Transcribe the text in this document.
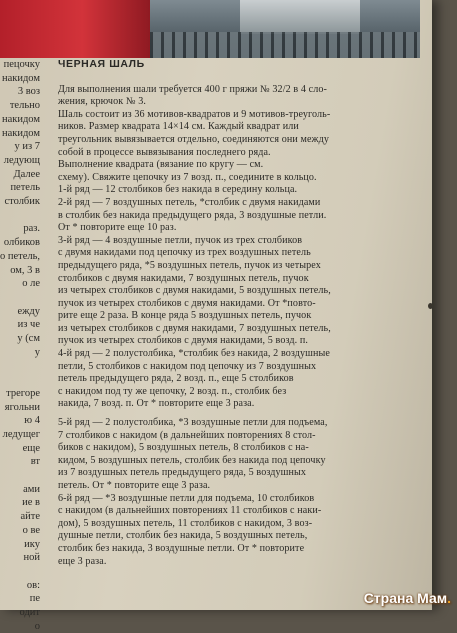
пецочку
накидом
3 воз
тельно
накидом
накидом
у из 7
ледующ
Далее
петель
столбик
раз.
олбиков
о петель,
ом, 3 в
о ле
ежду
из че
у (см
у
трегоре
ягольни
ю 4
ледущег
еще
вт
ами
ие в
айте
о ве
ику
ной
ов:
пе
одит
о
ЧЕРНАЯ ШАЛЬ
Для выполнения шали требуется 400 г пряжи № 32/2 в 4 сло-
жения, крючок № 3.
Шаль состоит из 36 мотивов-квадратов и 9 мотивов-треуголь-
ников. Размер квадрата 14×14 см. Каждый квадрат или
треугольник вывязывается отдельно, соединяются они между
собой в процессе вывязывания последнего ряда.
Выполнение квадрата (вязание по кругу — см.
схему). Свяжите цепочку из 7 возд. п., соедините в кольцо.
1-й ряд — 12 столбиков без накида в середину кольца.
2-й ряд — 7 воздушных петель, *столбик с двумя накидами
в столбик без накида предыдущего ряда, 3 воздушные петли.
От * повторите еще 10 раз.
3-й ряд — 4 воздушные петли, пучок из трех столбиков
с двумя накидами под цепочку из трех воздушных петель
предыдущего ряда, *5 воздушных петель, пучок из четырех
столбиков с двумя накидами, 7 воздушных петель, пучок
из четырех столбиков с двумя накидами, 5 воздушных петель,
пучок из четырех столбиков с двумя накидами. От *повто-
рите еще 2 раза. В конце ряда 5 воздушных петель, пучок
из четырех столбиков с двумя накидами, 7 воздушных петель,
пучок из четырех столбиков с двумя накидами, 5 возд. п.
4-й ряд — 2 полустолбика, *столбик без накида, 2 воздушные
петли, 5 столбиков с накидом под цепочку из 7 воздушных
петель предыдущего ряда, 2 возд. п., еще 5 столбиков
с накидом под ту же цепочку, 2 возд. п., столбик без
накида, 7 возд. п. От * повторите еще 3 раза.
5-й ряд — 2 полустолбика, *3 воздушные петли для подъема,
7 столбиков с накидом (в дальнейших повторениях 8 стол-
биков с накидом), 5 воздушных петель, 8 столбиков с на-
кидом, 5 воздушных петель, столбик без накида под цепочку
из 7 воздушных петель предыдущего ряда, 5 воздушных
петель. От * повторите еще 3 раза.
6-й ряд — *3 воздушные петли для подъема, 10 столбиков
с накидом (в дальнейших повторениях 11 столбиков с наки-
дом), 5 воздушных петель, 11 столбиков с накидом, 3 воз-
душные петли, столбик без накида, 5 воздушных петель,
столбик без накида, 3 воздушные петли. От * повторите
еще 3 раза.
Страна Мам.
